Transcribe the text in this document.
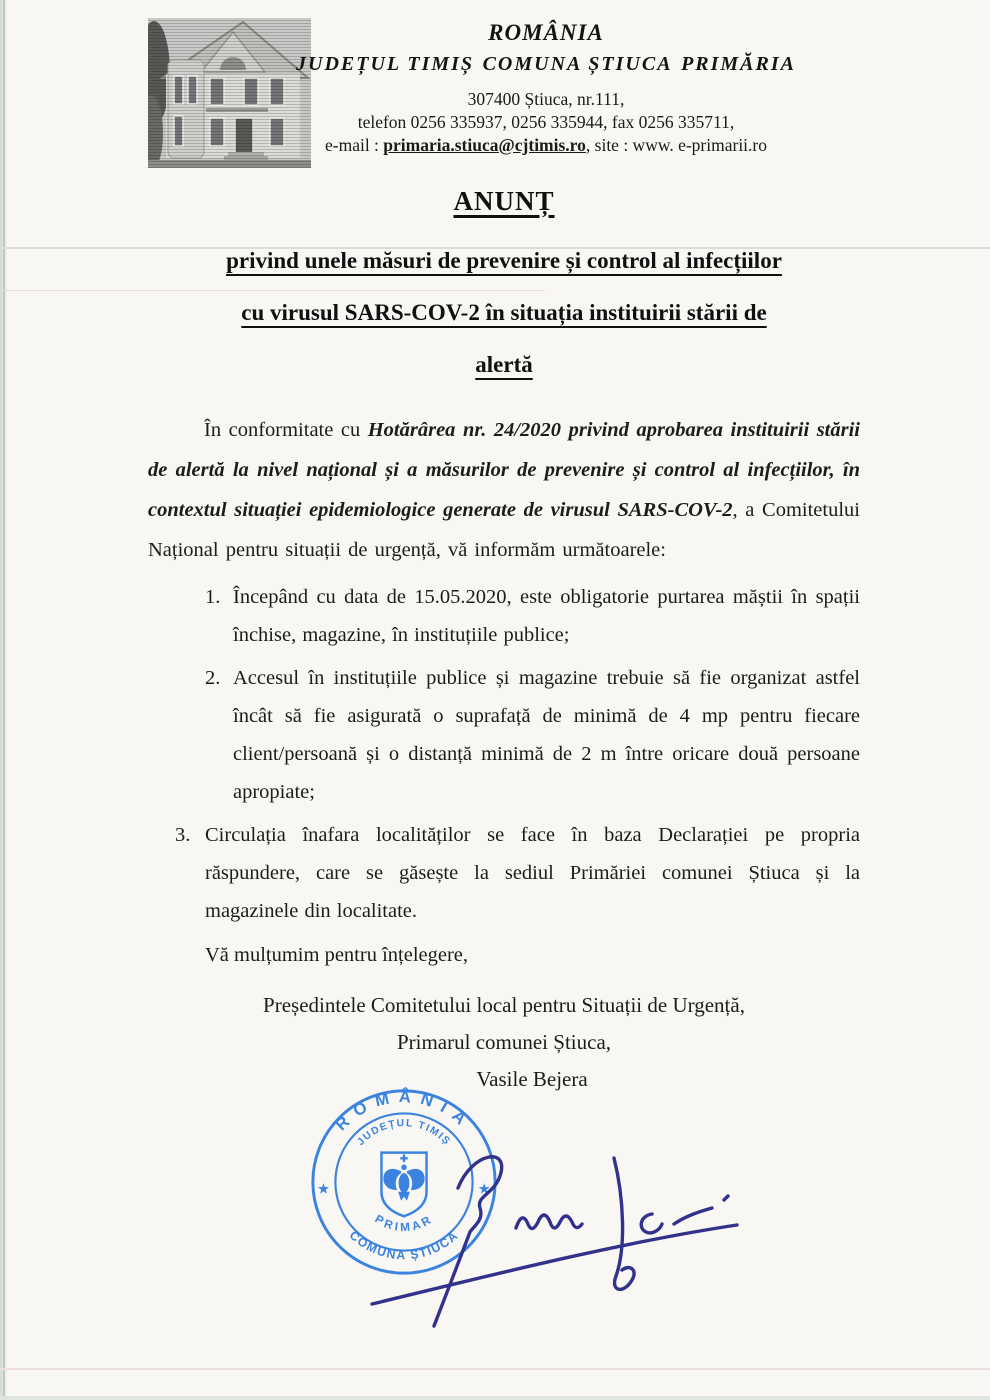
ROMÂNIA
JUDEȚUL TIMIȘ COMUNA ȘTIUCA PRIMĂRIA
307400 Știuca, nr.111,
telefon 0256 335937, 0256 335944, fax 0256 335711,
e-mail : primaria.stiuca@cjtimis.ro, site : www. e-primarii.ro
ANUNȚ
privind unele măsuri de prevenire și control al infecțiilor
cu virusul SARS-COV-2 în situația instituirii stării de
alertă

În conformitate cu Hotărârea nr. 24/2020 privind aprobarea instituirii stării de alertă la nivel național și a măsurilor de prevenire și control al infecțiilor, în contextul situației epidemiologice generate de virusul SARS-COV-2, a Comitetului Național pentru situații de urgență, vă informăm următoarele:

1. Începând cu data de 15.05.2020, este obligatorie purtarea măștii în spații închise, magazine, în instituțiile publice;
2. Accesul în instituțiile publice și magazine trebuie să fie organizat astfel încât să fie asigurată o suprafață de minimă de 4 mp pentru fiecare client/persoană și o distanță minimă de 2 m între oricare două persoane apropiate;
3. Circulația înafara localităților se face în baza Declarației pe propria răspundere, care se găsește la sediul Primăriei comunei Știuca și la magazinele din localitate.

Vă mulțumim pentru înțelegere,

Președintele Comitetului local pentru Situații de Urgență,
Primarul comunei Știuca,
Vasile Bejera
ROMÂNIA
JUDEȚUL TIMIȘ
PRIMAR
COMUNA ȘTIUCA
★	★
